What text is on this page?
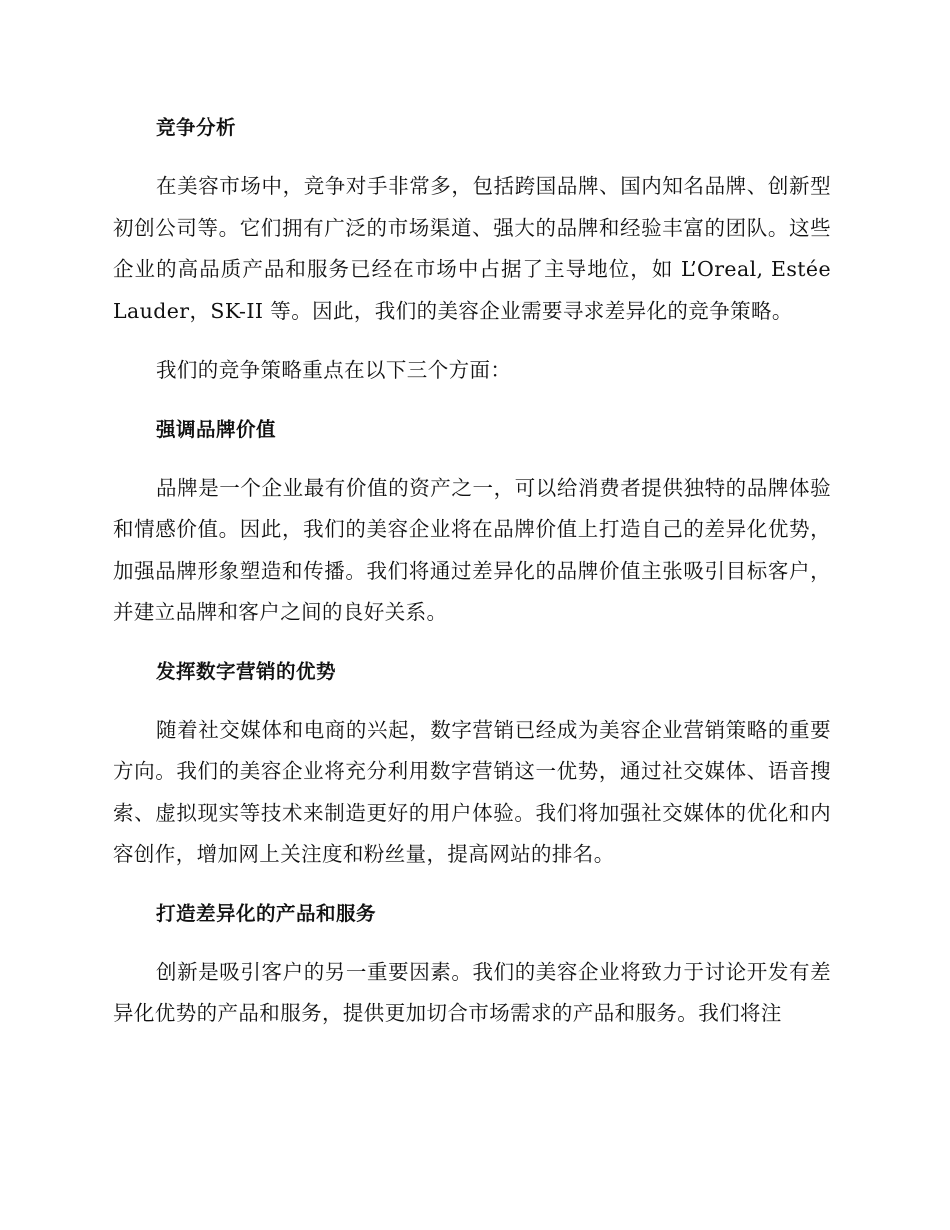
竞争分析

在美容市场中，竞争对手非常多，包括跨国品牌、国内知名品牌、创新型初创公司等。它们拥有广泛的市场渠道、强大的品牌和经验丰富的团队。这些企业的高品质产品和服务已经在市场中占据了主导地位，如 L’Oreal, Estée Lauder，SK-II 等。因此，我们的美容企业需要寻求差异化的竞争策略。

我们的竞争策略重点在以下三个方面：

强调品牌价值

品牌是一个企业最有价值的资产之一，可以给消费者提供独特的品牌体验和情感价值。因此，我们的美容企业将在品牌价值上打造自己的差异化优势，加强品牌形象塑造和传播。我们将通过差异化的品牌价值主张吸引目标客户，并建立品牌和客户之间的良好关系。

发挥数字营销的优势

随着社交媒体和电商的兴起，数字营销已经成为美容企业营销策略的重要方向。我们的美容企业将充分利用数字营销这一优势，通过社交媒体、语音搜索、虚拟现实等技术来制造更好的用户体验。我们将加强社交媒体的优化和内容创作，增加网上关注度和粉丝量，提高网站的排名。

打造差异化的产品和服务

创新是吸引客户的另一重要因素。我们的美容企业将致力于讨论开发有差异化优势的产品和服务，提供更加切合市场需求的产品和服务。我们将注
